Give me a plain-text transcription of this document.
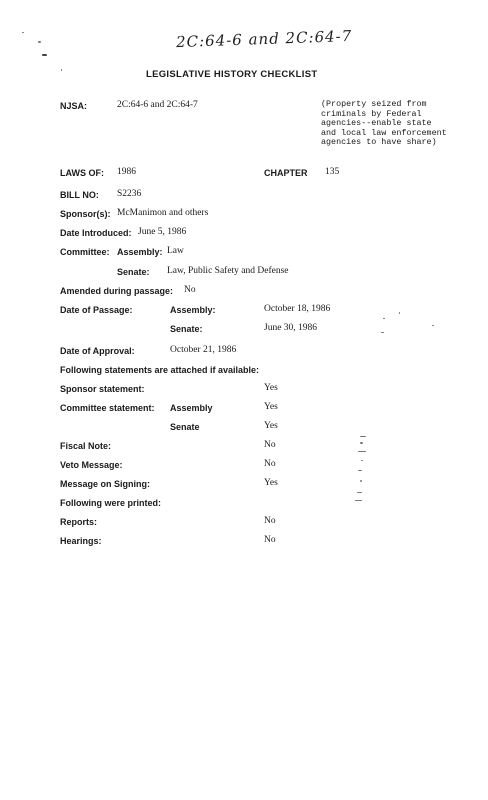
2C:64-6 and 2C:64-7
LEGISLATIVE HISTORY CHECKLIST
NJSA:	2C:64-6 and 2C:64-7	(Property seized from criminals by Federal agencies--enable state and local law enforcement agencies to have share)
LAWS OF: 1986	CHAPTER 135
BILL NO: S2236
Sponsor(s): McManimon and others
Date Introduced: June 5, 1986
Committee: Assembly: Law
Senate: Law, Public Safety and Defense
Amended during passage: No
Date of Passage:	Assembly:	October 18, 1986
Senate:	June 30, 1986
Date of Approval:	October 21, 1986
Following statements are attached if available:
Sponsor statement:	Yes
Committee statement: Assembly	Yes
Senate	Yes
Fiscal Note:	No
Veto Message:	No
Message on Signing:	Yes
Following were printed:
Reports:	No
Hearings:	No
